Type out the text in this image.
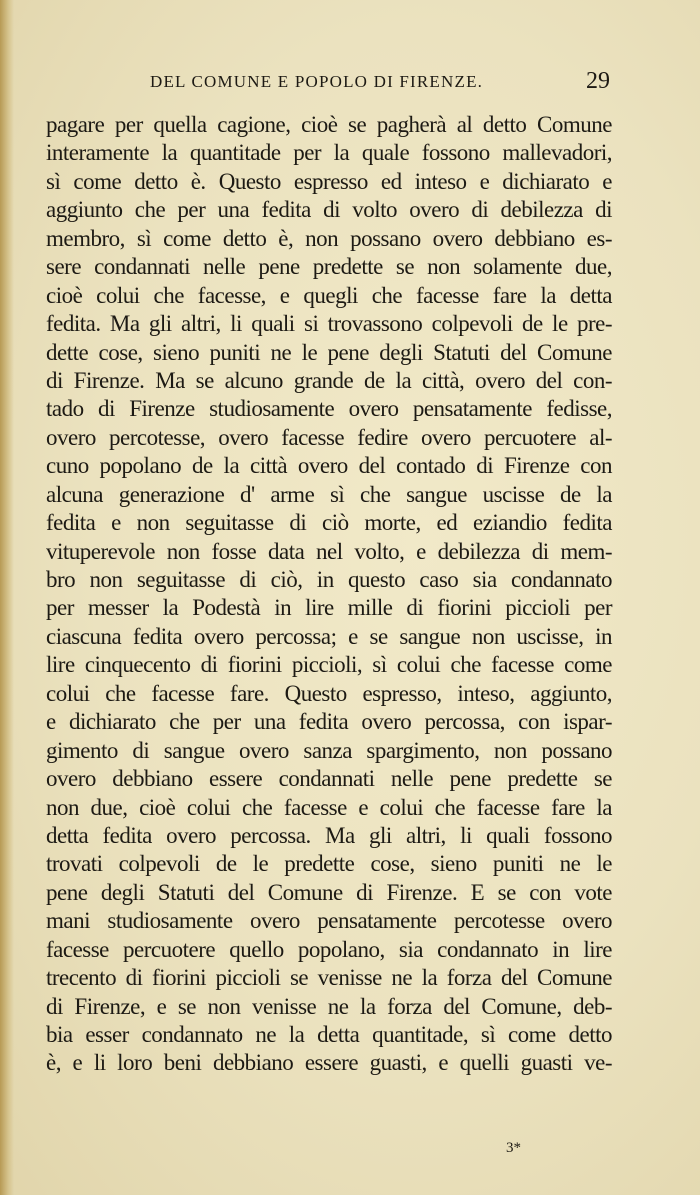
DEL COMUNE E POPOLO DI FIRENZE.	29
pagare per quella cagione, cioè se pagherà al detto Comune
interamente la quantitade per la quale fossono mallevadori,
sì come detto è. Questo espresso ed inteso e dichiarato e
aggiunto che per una fedita di volto overo di debilezza di
membro, sì come detto è, non possano overo debbiano es-
sere condannati nelle pene predette se non solamente due,
cioè colui che facesse, e quegli che facesse fare la detta
fedita. Ma gli altri, li quali si trovassono colpevoli de le pre-
dette cose, sieno puniti ne le pene degli Statuti del Comune
di Firenze. Ma se alcuno grande de la città, overo del con-
tado di Firenze studiosamente overo pensatamente fedisse,
overo percotesse, overo facesse fedire overo percuotere al-
cuno popolano de la città overo del contado di Firenze con
alcuna generazione d' arme sì che sangue uscisse de la
fedita e non seguitasse di ciò morte, ed eziandio fedita
vituperevole non fosse data nel volto, e debilezza di mem-
bro non seguitasse di ciò, in questo caso sia condannato
per messer la Podestà in lire mille di fiorini piccioli per
ciascuna fedita overo percossa; e se sangue non uscisse, in
lire cinquecento di fiorini piccioli, sì colui che facesse come
colui che facesse fare. Questo espresso, inteso, aggiunto,
e dichiarato che per una fedita overo percossa, con ispar-
gimento di sangue overo sanza spargimento, non possano
overo debbiano essere condannati nelle pene predette se
non due, cioè colui che facesse e colui che facesse fare la
detta fedita overo percossa. Ma gli altri, li quali fossono
trovati colpevoli de le predette cose, sieno puniti ne le
pene degli Statuti del Comune di Firenze. E se con vote
mani studiosamente overo pensatamente percotesse overo
facesse percuotere quello popolano, sia condannato in lire
trecento di fiorini piccioli se venisse ne la forza del Comune
di Firenze, e se non venisse ne la forza del Comune, deb-
bia esser condannato ne la detta quantitade, sì come detto
è, e li loro beni debbiano essere guasti, e quelli guasti ve-
3*
